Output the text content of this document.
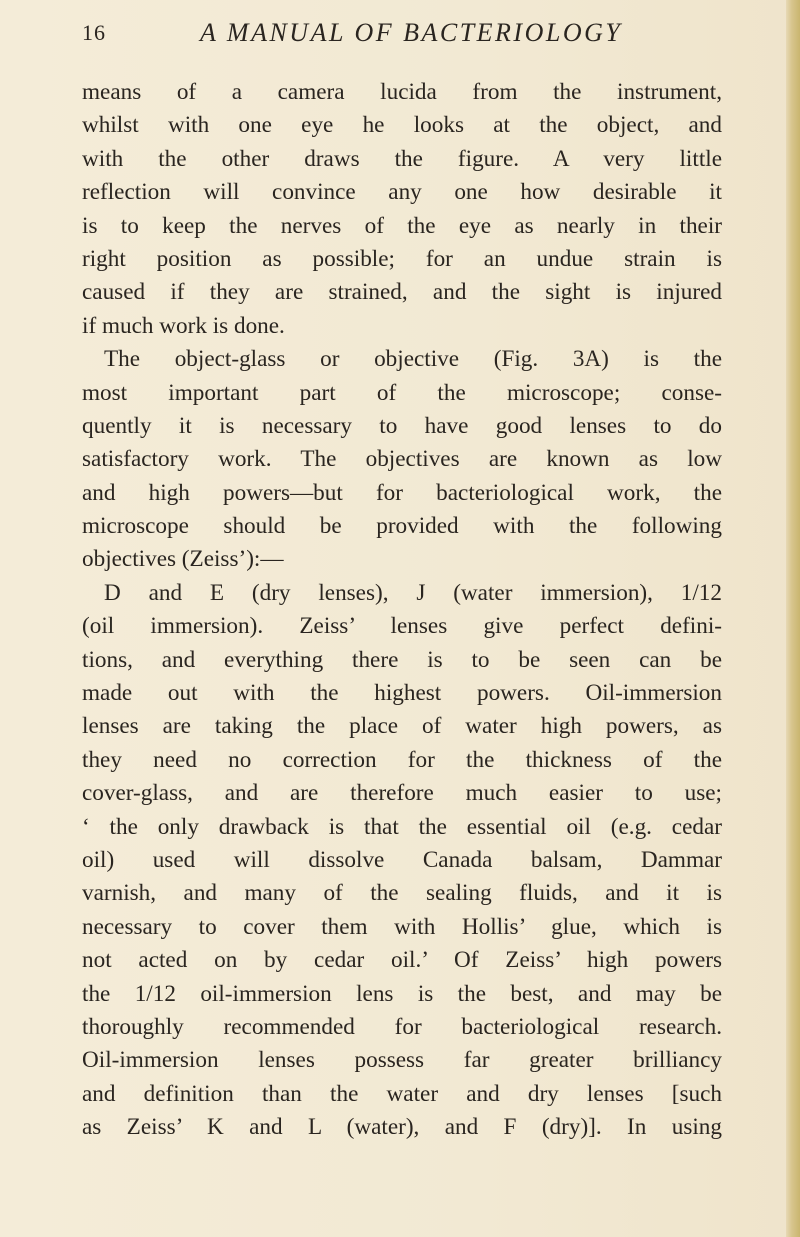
16	A MANUAL OF BACTERIOLOGY
means of a camera lucida from the instrument,
whilst with one eye he looks at the object, and
with the other draws the figure. A very little
reflection will convince any one how desirable it
is to keep the nerves of the eye as nearly in their
right position as possible; for an undue strain is
caused if they are strained, and the sight is injured
if much work is done.
The object-glass or objective (Fig. 3A) is the
most important part of the microscope; conse-
quently it is necessary to have good lenses to do
satisfactory work. The objectives are known as low
and high powers—but for bacteriological work, the
microscope should be provided with the following
objectives (Zeiss’):—
D and E (dry lenses), J (water immersion), 1/12
(oil immersion). Zeiss’ lenses give perfect defini-
tions, and everything there is to be seen can be
made out with the highest powers. Oil-immersion
lenses are taking the place of water high powers, as
they need no correction for the thickness of the
cover-glass, and are therefore much easier to use;
‘ the only drawback is that the essential oil (e.g. cedar
oil) used will dissolve Canada balsam, Dammar
varnish, and many of the sealing fluids, and it is
necessary to cover them with Hollis’ glue, which is
not acted on by cedar oil.’ Of Zeiss’ high powers
the 1/12 oil-immersion lens is the best, and may be
thoroughly recommended for bacteriological research.
Oil-immersion lenses possess far greater brilliancy
and definition than the water and dry lenses [such
as Zeiss’ K and L (water), and F (dry)]. In using
